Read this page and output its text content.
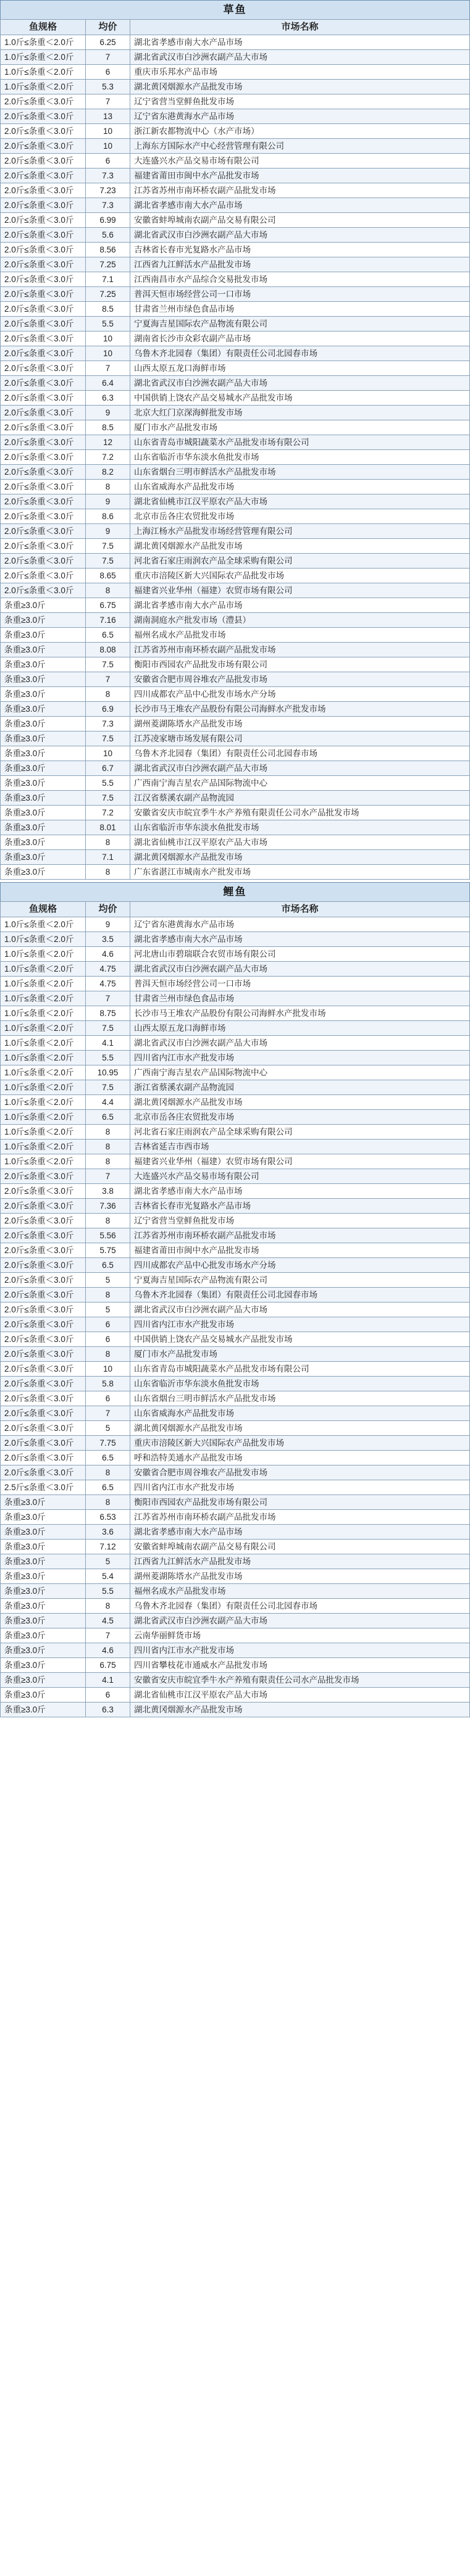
草鱼
鱼规格	均价	市场名称
1.0斤≤条重＜2.0斤	6.25	湖北省孝感市南大水产品市场
1.0斤≤条重＜2.0斤	7	湖北省武汉市白沙洲农副产品大市场
1.0斤≤条重＜2.0斤	6	重庆市乐邦水产品市场
1.0斤≤条重＜2.0斤	5.3	湖北黄冈烟源水产品批发市场
2.0斤≤条重＜3.0斤	7	辽宁省营当堂鲜鱼批发市场
2.0斤≤条重＜3.0斤	13	辽宁省东港黄海水产品市场
2.0斤≤条重＜3.0斤	10	浙江新农都物流中心（水产市场）
2.0斤≤条重＜3.0斤	10	上海东方国际水产中心经营管理有限公司
2.0斤≤条重＜3.0斤	6	大连盛兴水产品交易市场有限公司
2.0斤≤条重＜3.0斤	7.3	福建省莆田市闽中水产品批发市场
2.0斤≤条重＜3.0斤	7.23	江苏省苏州市南环桥农副产品批发市场
2.0斤≤条重＜3.0斤	7.3	湖北省孝感市南大水产品市场
2.0斤≤条重＜3.0斤	6.99	安徽省蚌埠城南农副产品交易有限公司
2.0斤≤条重＜3.0斤	5.6	湖北省武汉市白沙洲农副产品大市场
2.0斤≤条重＜3.0斤	8.56	吉林省长春市光复路水产品市场
2.0斤≤条重＜3.0斤	7.25	江西省九江鲜活水产品批发市场
2.0斤≤条重＜3.0斤	7.1	江西南昌市水产品综合交易批发市场
2.0斤≤条重＜3.0斤	7.25	普洱天恒市场经营公司一口市场
2.0斤≤条重＜3.0斤	8.5	甘肃省兰州市绿色食品市场
2.0斤≤条重＜3.0斤	5.5	宁夏海吉星国际农产品物流有限公司
2.0斤≤条重＜3.0斤	10	湖南省长沙市众彩农副产品市场
2.0斤≤条重＜3.0斤	10	乌鲁木齐北园春（集团）有限责任公司北园春市场
2.0斤≤条重＜3.0斤	7	山西太原五龙口海鲜市场
2.0斤≤条重＜3.0斤	6.4	湖北省武汉市白沙洲农副产品大市场
2.0斤≤条重＜3.0斤	6.3	中国供销上饶农产品交易城水产品批发市场
2.0斤≤条重＜3.0斤	9	北京大红门京深海鲜批发市场
2.0斤≤条重＜3.0斤	8.5	厦门市水产品批发市场
2.0斤≤条重＜3.0斤	12	山东省青岛市城阳蔬菜水产品批发市场有限公司
2.0斤≤条重＜3.0斤	7.2	山东省临沂市华东淡水鱼批发市场
2.0斤≤条重＜3.0斤	8.2	山东省烟台三明市鲜活水产品批发市场
2.0斤≤条重＜3.0斤	8	山东省威海水产品批发市场
2.0斤≤条重＜3.0斤	9	湖北省仙桃市江汉平原农产品大市场
2.0斤≤条重＜3.0斤	8.6	北京市岳各庄农贸批发市场
2.0斤≤条重＜3.0斤	9	上海江杨水产品批发市场经营管理有限公司
2.0斤≤条重＜3.0斤	7.5	湖北黄冈烟源水产品批发市场
2.0斤≤条重＜3.0斤	7.5	河北省石家庄雨润农产品全球采购有限公司
2.0斤≤条重＜3.0斤	8.65	重庆市涪陵区新大兴国际农产品批发市场
2.0斤≤条重＜3.0斤	8	福建省兴业华州（福建）农贸市场有限公司
条重≥3.0斤	6.75	湖北省孝感市南大水产品市场
条重≥3.0斤	7.16	湖南洞庭水产批发市场（澧县）
条重≥3.0斤	6.5	福州名成水产品批发市场
条重≥3.0斤	8.08	江苏省苏州市南环桥农副产品批发市场
条重≥3.0斤	7.5	衡阳市西园农产品批发市场有限公司
条重≥3.0斤	7	安徽省合肥市周谷堆农产品批发市场
条重≥3.0斤	8	四川成都农产品中心批发市场水产分场
条重≥3.0斤	6.9	长沙市马王堆农产品股份有限公司海鲜水产批发市场
条重≥3.0斤	7.3	湖州菱湖陈塔水产品批发市场
条重≥3.0斤	7.5	江苏凌家塘市场发展有限公司
条重≥3.0斤	10	乌鲁木齐北园春（集团）有限责任公司北园春市场
条重≥3.0斤	6.7	湖北省武汉市白沙洲农副产品大市场
条重≥3.0斤	5.5	广西南宁海吉星农产品国际物流中心
条重≥3.0斤	7.5	江汉省蔡溪农副产品物流园
条重≥3.0斤	7.2	安徽省安庆市皖宜季牛水产养殖有限责任公司水产品批发市场
条重≥3.0斤	8.01	山东省临沂市华东淡水鱼批发市场
条重≥3.0斤	8	湖北省仙桃市江汉平原农产品大市场
条重≥3.0斤	7.1	湖北黄冈烟源水产品批发市场
条重≥3.0斤	8	广东省湛江市城南水产批发市场
鲤鱼
鱼规格	均价	市场名称
1.0斤≤条重＜2.0斤	9	辽宁省东港黄海水产品市场
1.0斤≤条重＜2.0斤	3.5	湖北省孝感市南大水产品市场
1.0斤≤条重＜2.0斤	4.6	河北唐山市碧瑞联合农贸市场有限公司
1.0斤≤条重＜2.0斤	4.75	湖北省武汉市白沙洲农副产品大市场
1.0斤≤条重＜2.0斤	4.75	普洱天恒市场经营公司一口市场
1.0斤≤条重＜2.0斤	7	甘肃省兰州市绿色食品市场
1.0斤≤条重＜2.0斤	8.75	长沙市马王堆农产品股份有限公司海鲜水产批发市场
1.0斤≤条重＜2.0斤	7.5	山西太原五龙口海鲜市场
1.0斤≤条重＜2.0斤	4.1	湖北省武汉市白沙洲农副产品大市场
1.0斤≤条重＜2.0斤	5.5	四川省内江市水产批发市场
1.0斤≤条重＜2.0斤	10.95	广西南宁海吉星农产品国际物流中心
1.0斤≤条重＜2.0斤	7.5	浙江省蔡溪农副产品物流园
1.0斤≤条重＜2.0斤	4.4	湖北黄冈烟源水产品批发市场
1.0斤≤条重＜2.0斤	6.5	北京市岳各庄农贸批发市场
1.0斤≤条重＜2.0斤	8	河北省石家庄雨润农产品全球采购有限公司
1.0斤≤条重＜2.0斤	8	吉林省延吉市西市场
1.0斤≤条重＜2.0斤	8	福建省兴业华州（福建）农贸市场有限公司
2.0斤≤条重＜3.0斤	7	大连盛兴水产品交易市场有限公司
2.0斤≤条重＜3.0斤	3.8	湖北省孝感市南大水产品市场
2.0斤≤条重＜3.0斤	7.36	吉林省长春市光复路水产品市场
2.0斤≤条重＜3.0斤	8	辽宁省营当堂鲜鱼批发市场
2.0斤≤条重＜3.0斤	5.56	江苏省苏州市南环桥农副产品批发市场
2.0斤≤条重＜3.0斤	5.75	福建省莆田市闽中水产品批发市场
2.0斤≤条重＜3.0斤	6.5	四川成都农产品中心批发市场水产分场
2.0斤≤条重＜3.0斤	5	宁夏海吉星国际农产品物流有限公司
2.0斤≤条重＜3.0斤	8	乌鲁木齐北园春（集团）有限责任公司北园春市场
2.0斤≤条重＜3.0斤	5	湖北省武汉市白沙洲农副产品大市场
2.0斤≤条重＜3.0斤	6	四川省内江市水产批发市场
2.0斤≤条重＜3.0斤	6	中国供销上饶农产品交易城水产品批发市场
2.0斤≤条重＜3.0斤	8	厦门市水产品批发市场
2.0斤≤条重＜3.0斤	10	山东省青岛市城阳蔬菜水产品批发市场有限公司
2.0斤≤条重＜3.0斤	5.8	山东省临沂市华东淡水鱼批发市场
2.0斤≤条重＜3.0斤	6	山东省烟台三明市鲜活水产品批发市场
2.0斤≤条重＜3.0斤	7	山东省威海水产品批发市场
2.0斤≤条重＜3.0斤	5	湖北黄冈烟源水产品批发市场
2.0斤≤条重＜3.0斤	7.75	重庆市涪陵区新大兴国际农产品批发市场
2.0斤≤条重＜3.0斤	6.5	呼和浩特美通水产品批发市场
2.0斤≤条重＜3.0斤	8	安徽省合肥市周谷堆农产品批发市场
2.5斤≤条重＜3.0斤	6.5	四川省内江市水产批发市场
条重≥3.0斤	8	衡阳市西园农产品批发市场有限公司
条重≥3.0斤	6.53	江苏省苏州市南环桥农副产品批发市场
条重≥3.0斤	3.6	湖北省孝感市南大水产品市场
条重≥3.0斤	7.12	安徽省蚌埠城南农副产品交易有限公司
条重≥3.0斤	5	江西省九江鲜活水产品批发市场
条重≥3.0斤	5.4	湖州菱湖陈塔水产品批发市场
条重≥3.0斤	5.5	福州名成水产品批发市场
条重≥3.0斤	8	乌鲁木齐北园春（集团）有限责任公司北园春市场
条重≥3.0斤	4.5	湖北省武汉市白沙洲农副产品大市场
条重≥3.0斤	7	云南华丽鲜货市场
条重≥3.0斤	4.6	四川省内江市水产批发市场
条重≥3.0斤	6.75	四川省攀枝花市通威水产品批发市场
条重≥3.0斤	4.1	安徽省安庆市皖宜季牛水产养殖有限责任公司水产品批发市场
条重≥3.0斤	6	湖北省仙桃市江汉平原农产品大市场
条重≥3.0斤	6.3	湖北黄冈烟源水产品批发市场
